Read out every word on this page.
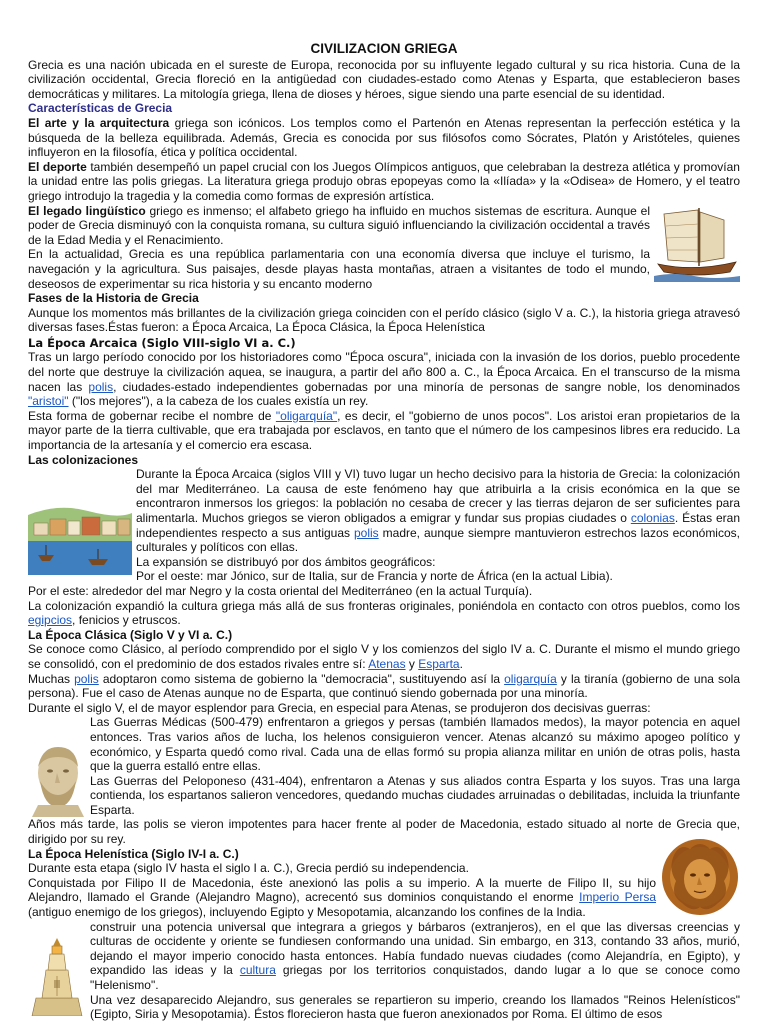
CIVILIZACION GRIEGA

Grecia es una nación ubicada en el sureste de Europa, reconocida por su influyente legado cultural y su rica historia. Cuna de la civilización occidental, Grecia floreció en la antigüedad con ciudades-estado como Atenas y Esparta, que establecieron bases democráticas y militares. La mitología griega, llena de dioses y héroes, sigue siendo una parte esencial de su identidad.

Características de Grecia

El arte y la arquitectura griega son icónicos. Los templos como el Partenón en Atenas representan la perfección estética y la búsqueda de la belleza equilibrada. Además, Grecia es conocida por sus filósofos como Sócrates, Platón y Aristóteles, quienes influyeron en la filosofía, ética y política occidental.

El deporte también desempeñó un papel crucial con los Juegos Olímpicos antiguos, que celebraban la destreza atlética y promovían la unidad entre las polis griegas. La literatura griega produjo obras epopeyas como la «Ilíada» y la «Odisea» de Homero, y el teatro griego introdujo la tragedia y la comedia como formas de expresión artística.

El legado lingüístico griego es inmenso; el alfabeto griego ha influido en muchos sistemas de escritura. Aunque el poder de Grecia disminuyó con la conquista romana, su cultura siguió influenciando la civilización occidental a través de la Edad Media y el Renacimiento.

En la actualidad, Grecia es una república parlamentaria con una economía diversa que incluye el turismo, la navegación y la agricultura. Sus paisajes, desde playas hasta montañas, atraen a visitantes de todo el mundo, deseosos de experimentar su rica historia y su encanto moderno

Fases de la Historia de Grecia

Aunque los momentos más brillantes de la civilización griega coinciden con el perído clásico (siglo V a. C.), la historia griega atravesó diversas fases.Éstas fueron: a Época Arcaica, La Época Clásica, la Época Helenística

La Época Arcaica (Siglo VIII-siglo VI a. C.)

Tras un largo período conocido por los historiadores como "Época oscura", iniciada con la invasión de los dorios, pueblo procedente del norte que destruye la civilización aquea, se inaugura, a partir del año 800 a. C., la Época Arcaica. En el transcurso de la misma nacen las polis, ciudades-estado independientes gobernadas por una minoría de personas de sangre noble, los denominados "aristoi" ("los mejores"), a la cabeza de los cuales existía un rey.

Esta forma de gobernar recibe el nombre de "oligarquía", es decir, el "gobierno de unos pocos". Los aristoi eran propietarios de la mayor parte de la tierra cultivable, que era trabajada por esclavos, en tanto que el número de los campesinos libres era reducido. La importancia de la artesanía y el comercio era escasa.

Las colonizaciones

Durante la Época Arcaica (siglos VIII y VI) tuvo lugar un hecho decisivo para la historia de Grecia: la colonización del mar Mediterráneo. La causa de este fenómeno hay que atribuirla a la crisis económica en la que se encontraron inmersos los griegos: la población no cesaba de crecer y las tierras dejaron de ser suficientes para alimentarla. Muchos griegos se vieron obligados a emigrar y fundar sus propias ciudades o colonias. Éstas eran independientes respecto a sus antiguas polis madre, aunque siempre mantuvieron estrechos lazos económicos, culturales y políticos con ellas.

La expansión se distribuyó por dos ámbitos geográficos:

Por el oeste: mar Jónico, sur de Italia, sur de Francia y norte de África (en la actual Libia).

Por el este: alrededor del mar Negro y la costa oriental del Mediterráneo (en la actual Turquía).

La colonización expandió la cultura griega más allá de sus fronteras originales, poniéndola en contacto con otros pueblos, como los egipcios, fenicios y etruscos.

La Época Clásica (Siglo V y VI a. C.)

Se conoce como Clásico, al período comprendido por el siglo V y los comienzos del siglo IV a. C. Durante el mismo el mundo griego se consolidó, con el predominio de dos estados rivales entre sí: Atenas y Esparta.

Muchas polis adoptaron como sistema de gobierno la "democracia", sustituyendo así la oligarquía y la tiranía (gobierno de una sola persona). Fue el caso de Atenas aunque no de Esparta, que continuó siendo gobernada por una minoría.

Durante el siglo V, el de mayor esplendor para Grecia, en especial para Atenas, se produjeron dos decisivas guerras:

Las Guerras Médicas (500-479) enfrentaron a griegos y persas (también llamados medos), la mayor potencia en aquel entonces. Tras varios años de lucha, los helenos consiguieron vencer. Atenas alcanzó su máximo apogeo político y económico, y Esparta quedó como rival. Cada una de ellas formó su propia alianza militar en unión de otras polis, hasta que la guerra estalló entre ellas.

Las Guerras del Peloponeso (431-404), enfrentaron a Atenas y sus aliados contra Esparta y los suyos. Tras una larga contienda, los espartanos salieron vencedores, quedando muchas ciudades arruinadas o debilitadas, incluida la triunfante Esparta.

Años más tarde, las polis se vieron impotentes para hacer frente al poder de Macedonia, estado situado al norte de Grecia que, dirigido por su rey.

La Época Helenística (Siglo IV-I a. C.)

Durante esta etapa (siglo IV hasta el siglo I a. C.), Grecia perdió su independencia.

Conquistada por Filipo II de Macedonia, éste anexionó las polis a su imperio. A la muerte de Filipo II, su hijo Alejandro, llamado el Grande (Alejandro Magno), acrecentó sus dominios conquistando el enorme Imperio Persa (antiguo enemigo de los griegos), incluyendo Egipto y Mesopotamia, alcanzando los confines de la India.

construir una potencia universal que integrara a griegos y bárbaros (extranjeros), en el que las diversas creencias y culturas de occidente y oriente se fundiesen conformando una unidad. Sin embargo, en 313, contando 33 años, murió, dejando el mayor imperio conocido hasta entonces. Había fundado nuevas ciudades (como Alejandría, en Egipto), y expandido las ideas y la cultura griegas por los territorios conquistados, dando lugar a lo que se conoce como "Helenismo".

Una vez desaparecido Alejandro, sus generales se repartieron su imperio, creando los llamados "Reinos Helenísticos" (Egipto, Siria y Mesopotamia). Éstos florecieron hasta que fueron anexionados por Roma. El último de esos
